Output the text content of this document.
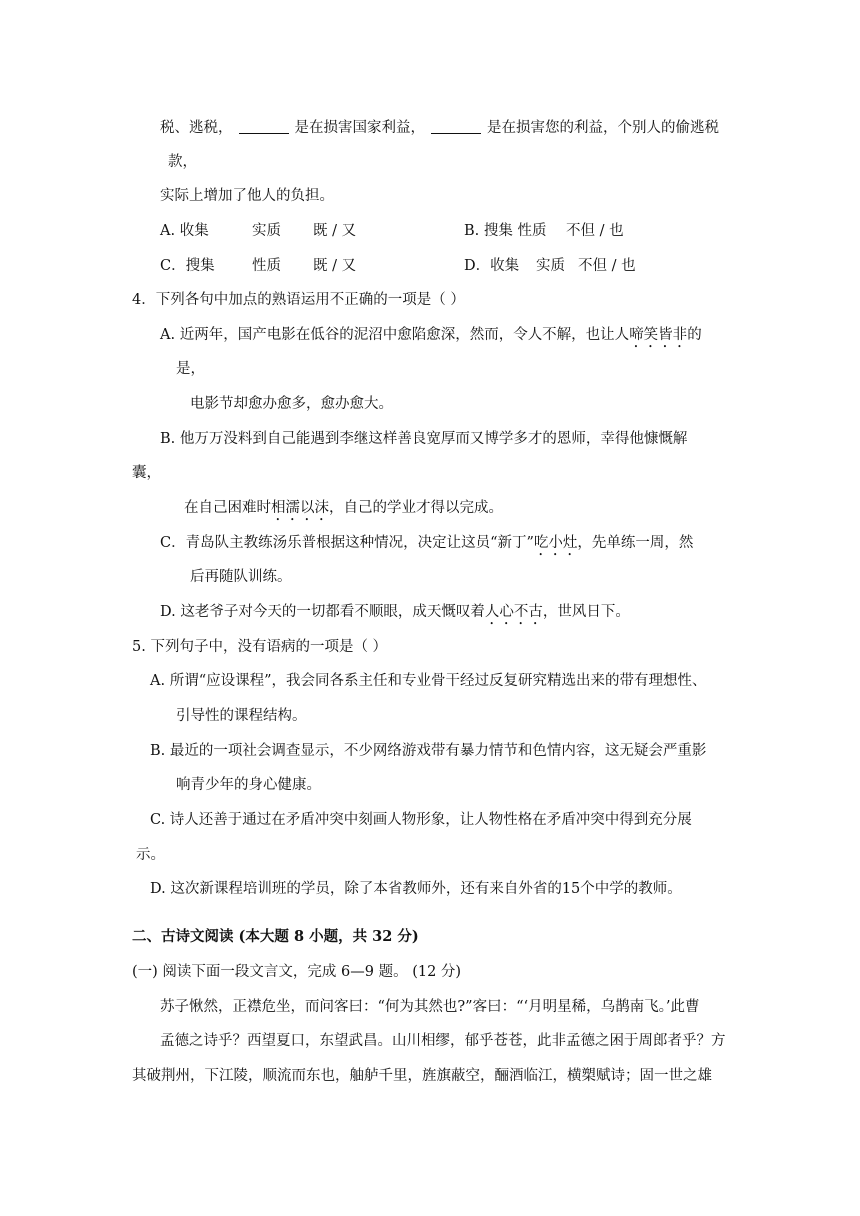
税、逃税，	是在损害国家利益，	是在损害您的利益，个别人的偷逃税
款，
实际上增加了他人的负担。
A. 收集	实质 既 / 又	B. 搜集 性质 不但 / 也
C．搜集	性质 既 / 又	D．收集 实质 不但 / 也
4．下列各句中加点的熟语运用不正确的一项是（ ）
A. 近两年，国产电影在低谷的泥沼中愈陷愈深，然而，令人不解，也让人啼笑皆非的
是，
电影节却愈办愈多，愈办愈大。
B. 他万万没料到自己能遇到李继这样善良宽厚而又博学多才的恩师，幸得他慷慨解
囊，
在自己困难时相濡以沫，自己的学业才得以完成。
C．青岛队主教练汤乐普根据这种情况，决定让这员“新丁”吃小灶，先单练一周，然
后再随队训练。
D. 这老爷子对今天的一切都看不顺眼，成天慨叹着人心不古，世风日下。
5. 下列句子中，没有语病的一项是（ ）
A. 所谓“应设课程”，我会同各系主任和专业骨干经过反复研究精选出来的带有理想性、
引导性的课程结构。
B. 最近的一项社会调查显示，不少网络游戏带有暴力情节和色情内容，这无疑会严重影
响青少年的身心健康。
C. 诗人还善于通过在矛盾冲突中刻画人物形象，让人物性格在矛盾冲突中得到充分展
示。
D. 这次新课程培训班的学员，除了本省教师外，还有来自外省的15个中学的教师。
二、古诗文阅读 (本大题 8 小题，共 32 分)
(一) 阅读下面一段文言文，完成 6—9 题。 (12 分)
苏子愀然，正襟危坐，而问客曰：“何为其然也?”客曰：“‘月明星稀，乌鹊南飞。’此曹
孟德之诗乎？西望夏口，东望武昌。山川相缪，郁乎苍苍，此非孟德之困于周郎者乎？方
其破荆州，下江陵，顺流而东也，舳舻千里，旌旗蔽空，酾酒临江，横槊赋诗；固一世之雄
